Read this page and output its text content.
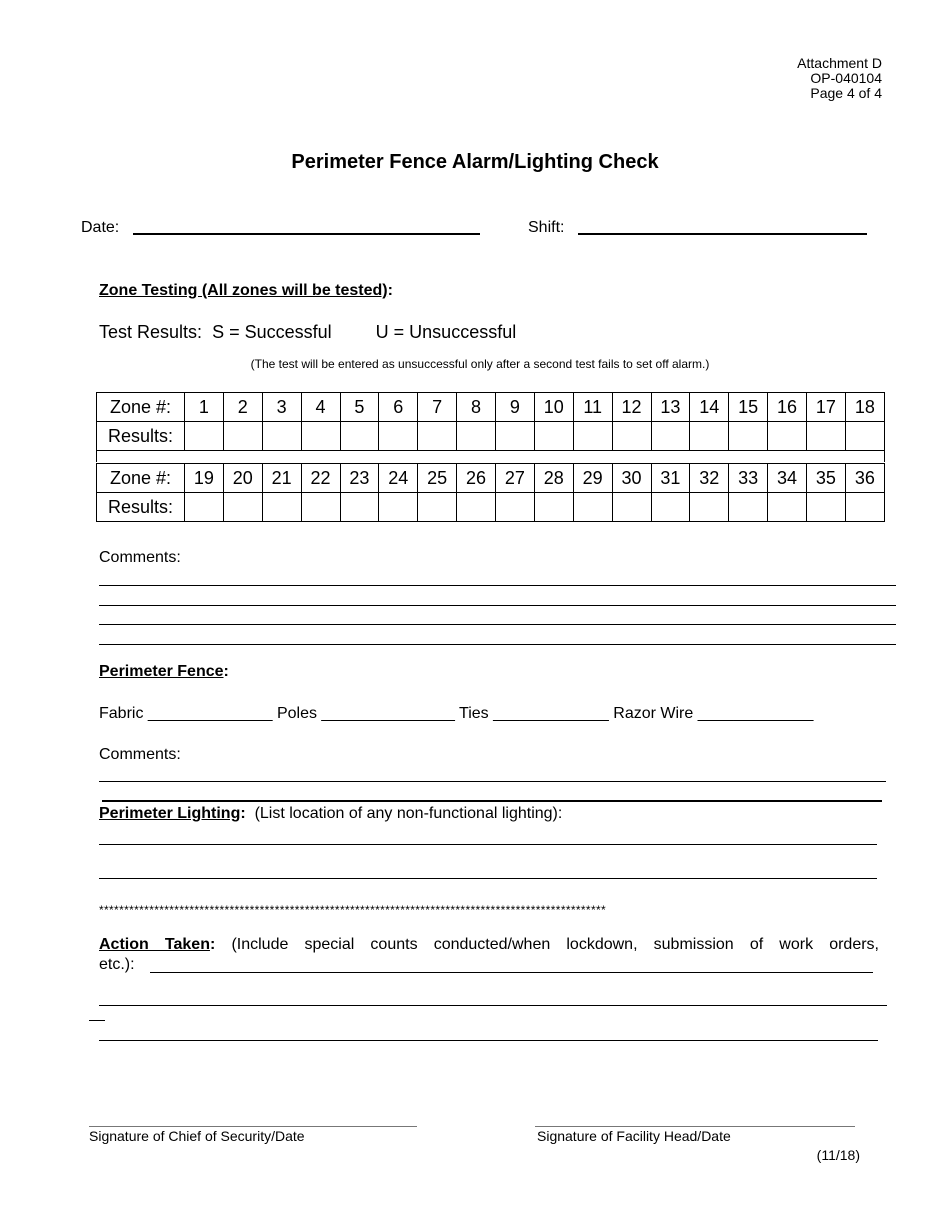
Attachment D
OP-040104
Page 4 of 4
Perimeter Fence Alarm/Lighting Check
Date:	Shift:
Zone Testing (All zones will be tested):
Test Results: S = Successful U = Unsuccessful
(The test will be entered as unsuccessful only after a second test fails to set off alarm.)
Zone #:	1	2	3	4	5	6	7	8	9	10	11	12	13	14	15	16	17	18
Results:																		
Zone #:	19	20	21	22	23	24	25	26	27	28	29	30	31	32	33	34	35	36
Results:																		
Comments:
Perimeter Fence:
Fabric ______________ Poles _______________ Ties _____________ Razor Wire _____________
Comments:
Perimeter Lighting: (List location of any non-functional lighting):
*****************************************************************************************************
Action Taken: (Include special counts conducted/when lockdown, submission of work orders,
etc.):
Signature of Chief of Security/Date	Signature of Facility Head/Date
(11/18)
